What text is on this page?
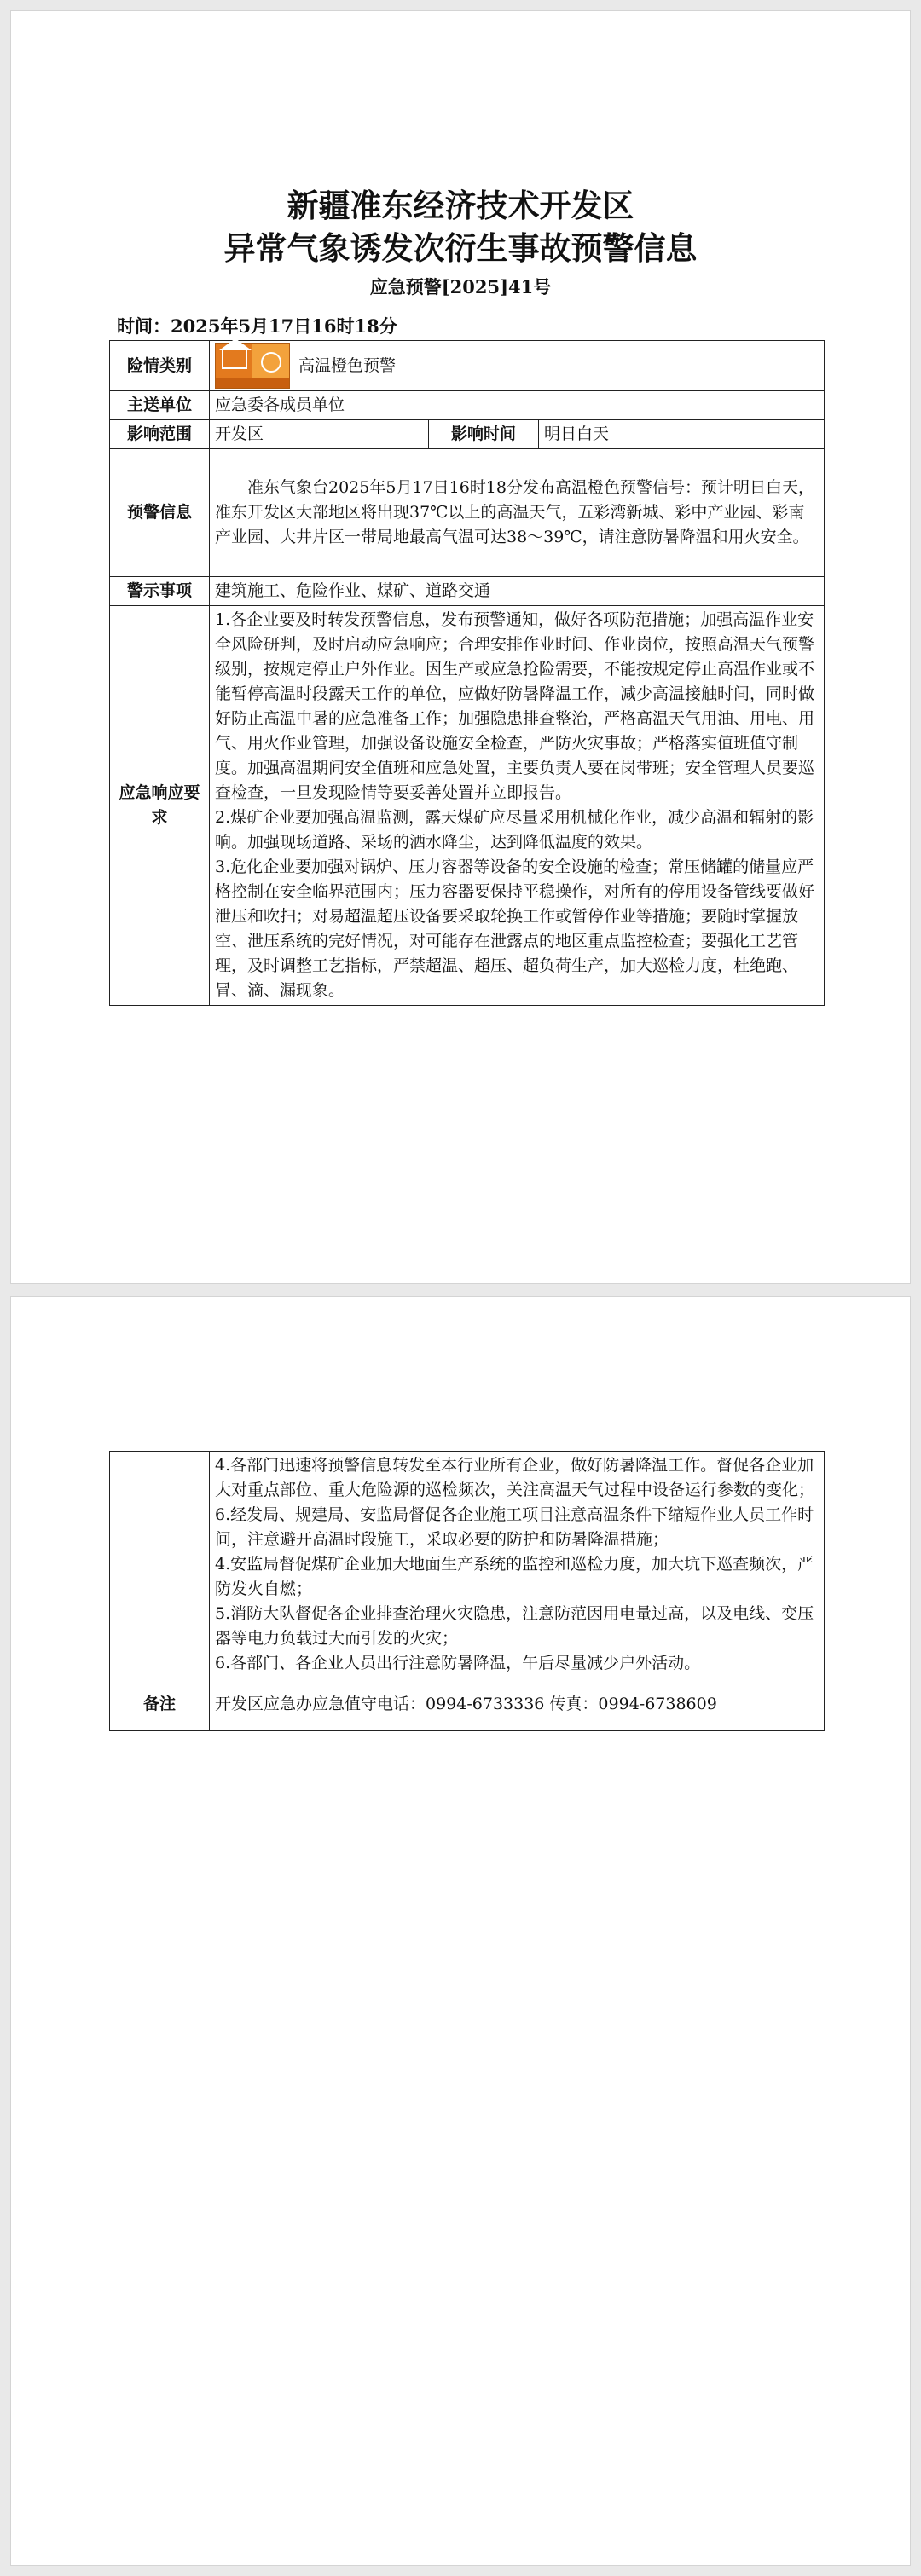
新疆准东经济技术开发区
异常气象诱发次衍生事故预警信息
应急预警[2025]41号
时间：2025年5月17日16时18分
险情类别	高温橙色预警		

主送单位	应急委各成员单位		
影响范围	开发区	影响时间	明日白天
预警信息	准东气象台2025年5月17日16时18分发布高温橙色预警信号：预计明日白天，准东开发区大部地区将出现37℃以上的高温天气，五彩湾新城、彩中产业园、彩南产业园、大井片区一带局地最高气温可达38～39℃，请注意防暑降温和用火安全。		

警示事项	建筑施工、危险作业、煤矿、道路交通		
应急响应要求	1.各企业要及时转发预警信息，发布预警通知，做好各项防范措施；加强高温作业安全风险研判，及时启动应急响应；合理安排作业时间、作业岗位，按照高温天气预警级别，按规定停止户外作业。因生产或应急抢险需要，不能按规定停止高温作业或不能暂停高温时段露天工作的单位，应做好防暑降温工作，减少高温接触时间，同时做好防止高温中暑的应急准备工作；加强隐患排查整治，严格高温天气用油、用电、用气、用火作业管理，加强设备设施安全检查，严防火灾事故；严格落实值班值守制度。加强高温期间安全值班和应急处置，主要负责人要在岗带班；安全管理人员要巡查检查，一旦发现险情等要妥善处置并立即报告。

2.煤矿企业要加强高温监测，露天煤矿应尽量采用机械化作业，减少高温和辐射的影响。加强现场道路、采场的洒水降尘，达到降低温度的效果。

3.危化企业要加强对锅炉、压力容器等设备的安全设施的检查；常压储罐的储量应严格控制在安全临界范围内；压力容器要保持平稳操作，对所有的停用设备管线要做好泄压和吹扫；对易超温超压设备要采取轮换工作或暂停作业等措施；要随时掌握放空、泄压系统的完好情况，对可能存在泄露点的地区重点监控检查；要强化工艺管理，及时调整工艺指标，严禁超温、超压、超负荷生产，加大巡检力度，杜绝跑、冒、滴、漏现象。		

	4.各部门迅速将预警信息转发至本行业所有企业，做好防暑降温工作。督促各企业加大对重点部位、重大危险源的巡检频次，关注高温天气过程中设备运行参数的变化；

6.经发局、规建局、安监局督促各企业施工项目注意高温条件下缩短作业人员工作时间，注意避开高温时段施工，采取必要的防护和防暑降温措施；

4.安监局督促煤矿企业加大地面生产系统的监控和巡检力度，加大坑下巡查频次，严防发火自燃；

5.消防大队督促各企业排查治理火灾隐患，注意防范因用电量过高，以及电线、变压器等电力负载过大而引发的火灾；

6.各部门、各企业人员出行注意防暑降温，午后尽量减少户外活动。

备注	开发区应急办应急值守电话：0994-6733336 传真：0994-6738609
